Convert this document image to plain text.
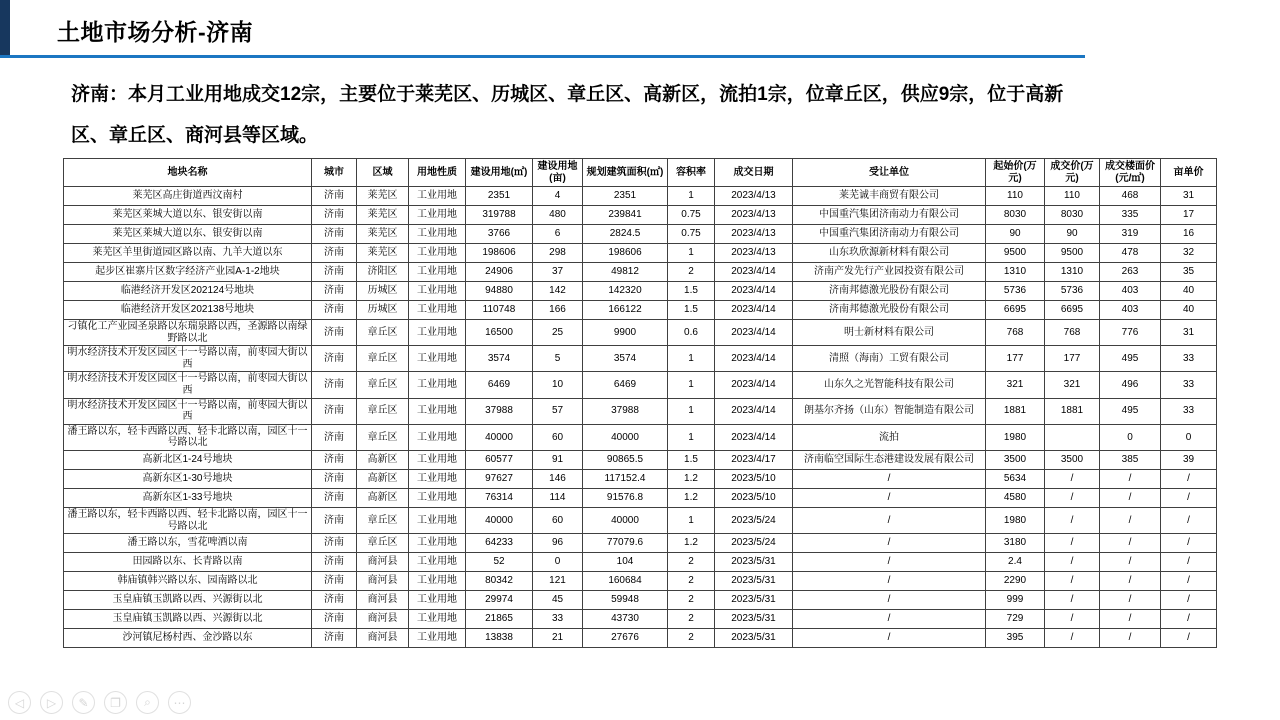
土地市场分析-济南

济南：本月工业用地成交12宗，主要位于莱芜区、历城区、章丘区、高新区，流拍1宗，位章丘区，供应9宗，位于高新
区、章丘区、商河县等区域。

地块名称	城市	区域	用地性质	建设用地(㎡)	建设用地(亩)	规划建筑面积(㎡)	容积率	成交日期	受让单位	起始价(万元)	成交价(万元)	成交楼面价(元/㎡)	亩单价
莱芜区高庄街道西汶南村	济南	莱芜区	工业用地	2351	4	2351	1	2023/4/13	莱芜诚丰商贸有限公司	110	110	468	31
莱芜区莱城大道以东、银安街以南	济南	莱芜区	工业用地	319788	480	239841	0.75	2023/4/13	中国重汽集团济南动力有限公司	8030	8030	335	17
莱芜区莱城大道以东、银安街以南	济南	莱芜区	工业用地	3766	6	2824.5	0.75	2023/4/13	中国重汽集团济南动力有限公司	90	90	319	16
莱芜区羊里街道园区路以南、九羊大道以东	济南	莱芜区	工业用地	198606	298	198606	1	2023/4/13	山东玖欣源新材料有限公司	9500	9500	478	32
起步区崔寨片区数字经济产业园A-1-2地块	济南	济阳区	工业用地	24906	37	49812	2	2023/4/14	济南产发先行产业园投资有限公司	1310	1310	263	35
临港经济开发区202124号地块	济南	历城区	工业用地	94880	142	142320	1.5	2023/4/14	济南邦德激光股份有限公司	5736	5736	403	40
临港经济开发区202138号地块	济南	历城区	工业用地	110748	166	166122	1.5	2023/4/14	济南邦德激光股份有限公司	6695	6695	403	40
刁镇化工产业园圣泉路以东瑞泉路以西，圣源路以南绿野路以北	济南	章丘区	工业用地	16500	25	9900	0.6	2023/4/14	明士新材料有限公司	768	768	776	31
明水经济技术开发区园区十一号路以南，前枣园大街以西	济南	章丘区	工业用地	3574	5	3574	1	2023/4/14	清照（海南）工贸有限公司	177	177	495	33
明水经济技术开发区园区十一号路以南，前枣园大街以西	济南	章丘区	工业用地	6469	10	6469	1	2023/4/14	山东久之光智能科技有限公司	321	321	496	33
明水经济技术开发区园区十一号路以南，前枣园大街以西	济南	章丘区	工业用地	37988	57	37988	1	2023/4/14	朗基尔齐扬（山东）智能制造有限公司	1881	1881	495	33
潘王路以东，轻卡西路以西、轻卡北路以南，园区十一号路以北	济南	章丘区	工业用地	40000	60	40000	1	2023/4/14	流拍	1980		0	0
高新北区1-24号地块	济南	高新区	工业用地	60577	91	90865.5	1.5	2023/4/17	济南临空国际生态港建设发展有限公司	3500	3500	385	39
高新东区1-30号地块	济南	高新区	工业用地	97627	146	117152.4	1.2	2023/5/10	/	5634	/	/	/
高新东区1-33号地块	济南	高新区	工业用地	76314	114	91576.8	1.2	2023/5/10	/	4580	/	/	/
潘王路以东，轻卡西路以西、轻卡北路以南，园区十一号路以北	济南	章丘区	工业用地	40000	60	40000	1	2023/5/24	/	1980	/	/	/
潘王路以东，雪花啤酒以南	济南	章丘区	工业用地	64233	96	77079.6	1.2	2023/5/24	/	3180	/	/	/
田园路以东、长青路以南	济南	商河县	工业用地	52	0	104	2	2023/5/31	/	2.4	/	/	/
韩庙镇韩兴路以东、园南路以北	济南	商河县	工业用地	80342	121	160684	2	2023/5/31	/	2290	/	/	/
玉皇庙镇玉凯路以西、兴源街以北	济南	商河县	工业用地	29974	45	59948	2	2023/5/31	/	999	/	/	/
玉皇庙镇玉凯路以西、兴源街以北	济南	商河县	工业用地	21865	33	43730	2	2023/5/31	/	729	/	/	/
沙河镇尼杨村西、金沙路以东	济南	商河县	工业用地	13838	21	27676	2	2023/5/31	/	395	/	/	/
◁ ▷ ✎ ❐ ⌕ ⋯
